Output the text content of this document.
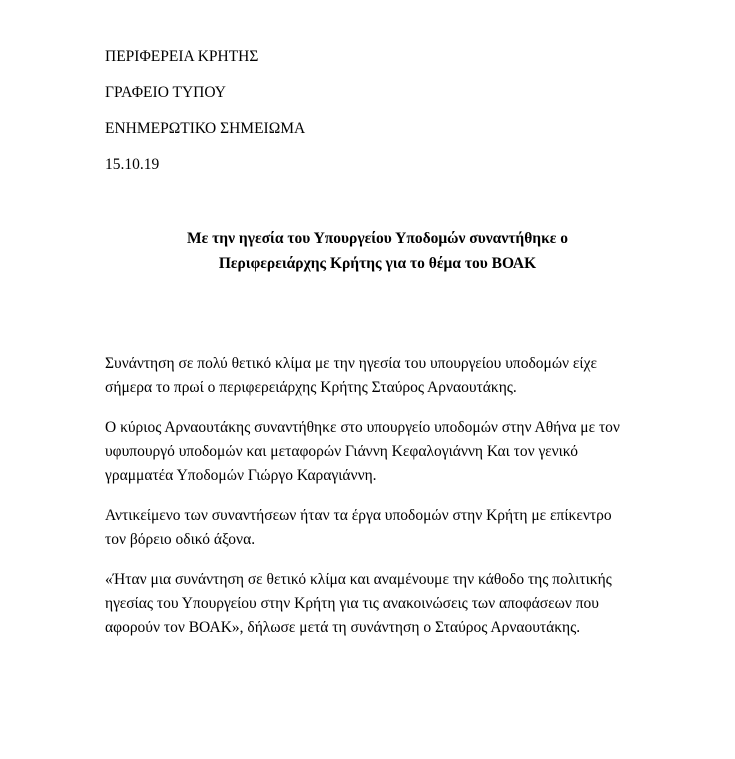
ΠΕΡΙΦΕΡΕΙΑ ΚΡΗΤΗΣ
ΓΡΑΦΕΙΟ ΤΥΠΟΥ
ΕΝΗΜΕΡΩΤΙΚΟ ΣΗΜΕΙΩΜΑ
15.10.19
Με την ηγεσία του Υπουργείου Υποδομών συναντήθηκε ο
Περιφερειάρχης Κρήτης για το θέμα του ΒΟΑΚ

Συνάντηση σε πολύ θετικό κλίμα με την ηγεσία του υπουργείου υποδομών είχε σήμερα το πρωί ο περιφερειάρχης Κρήτης Σταύρος Αρναουτάκης.

Ο κύριος Αρναουτάκης συναντήθηκε στο υπουργείο υποδομών στην Αθήνα με τον υφυπουργό υποδομών και μεταφορών Γιάννη Κεφαλογιάννη Και τον γενικό γραμματέα Υποδομών Γιώργο Καραγιάννη.

Αντικείμενο των συναντήσεων ήταν τα έργα υποδομών στην Κρήτη με επίκεντρο τον βόρειο οδικό άξονα.

«Ήταν μια συνάντηση σε θετικό κλίμα και αναμένουμε την κάθοδο της πολιτικής ηγεσίας του Υπουργείου στην Κρήτη για τις ανακοινώσεις των αποφάσεων που αφορούν τον ΒΟΑΚ», δήλωσε μετά τη συνάντηση ο Σταύρος Αρναουτάκης.
